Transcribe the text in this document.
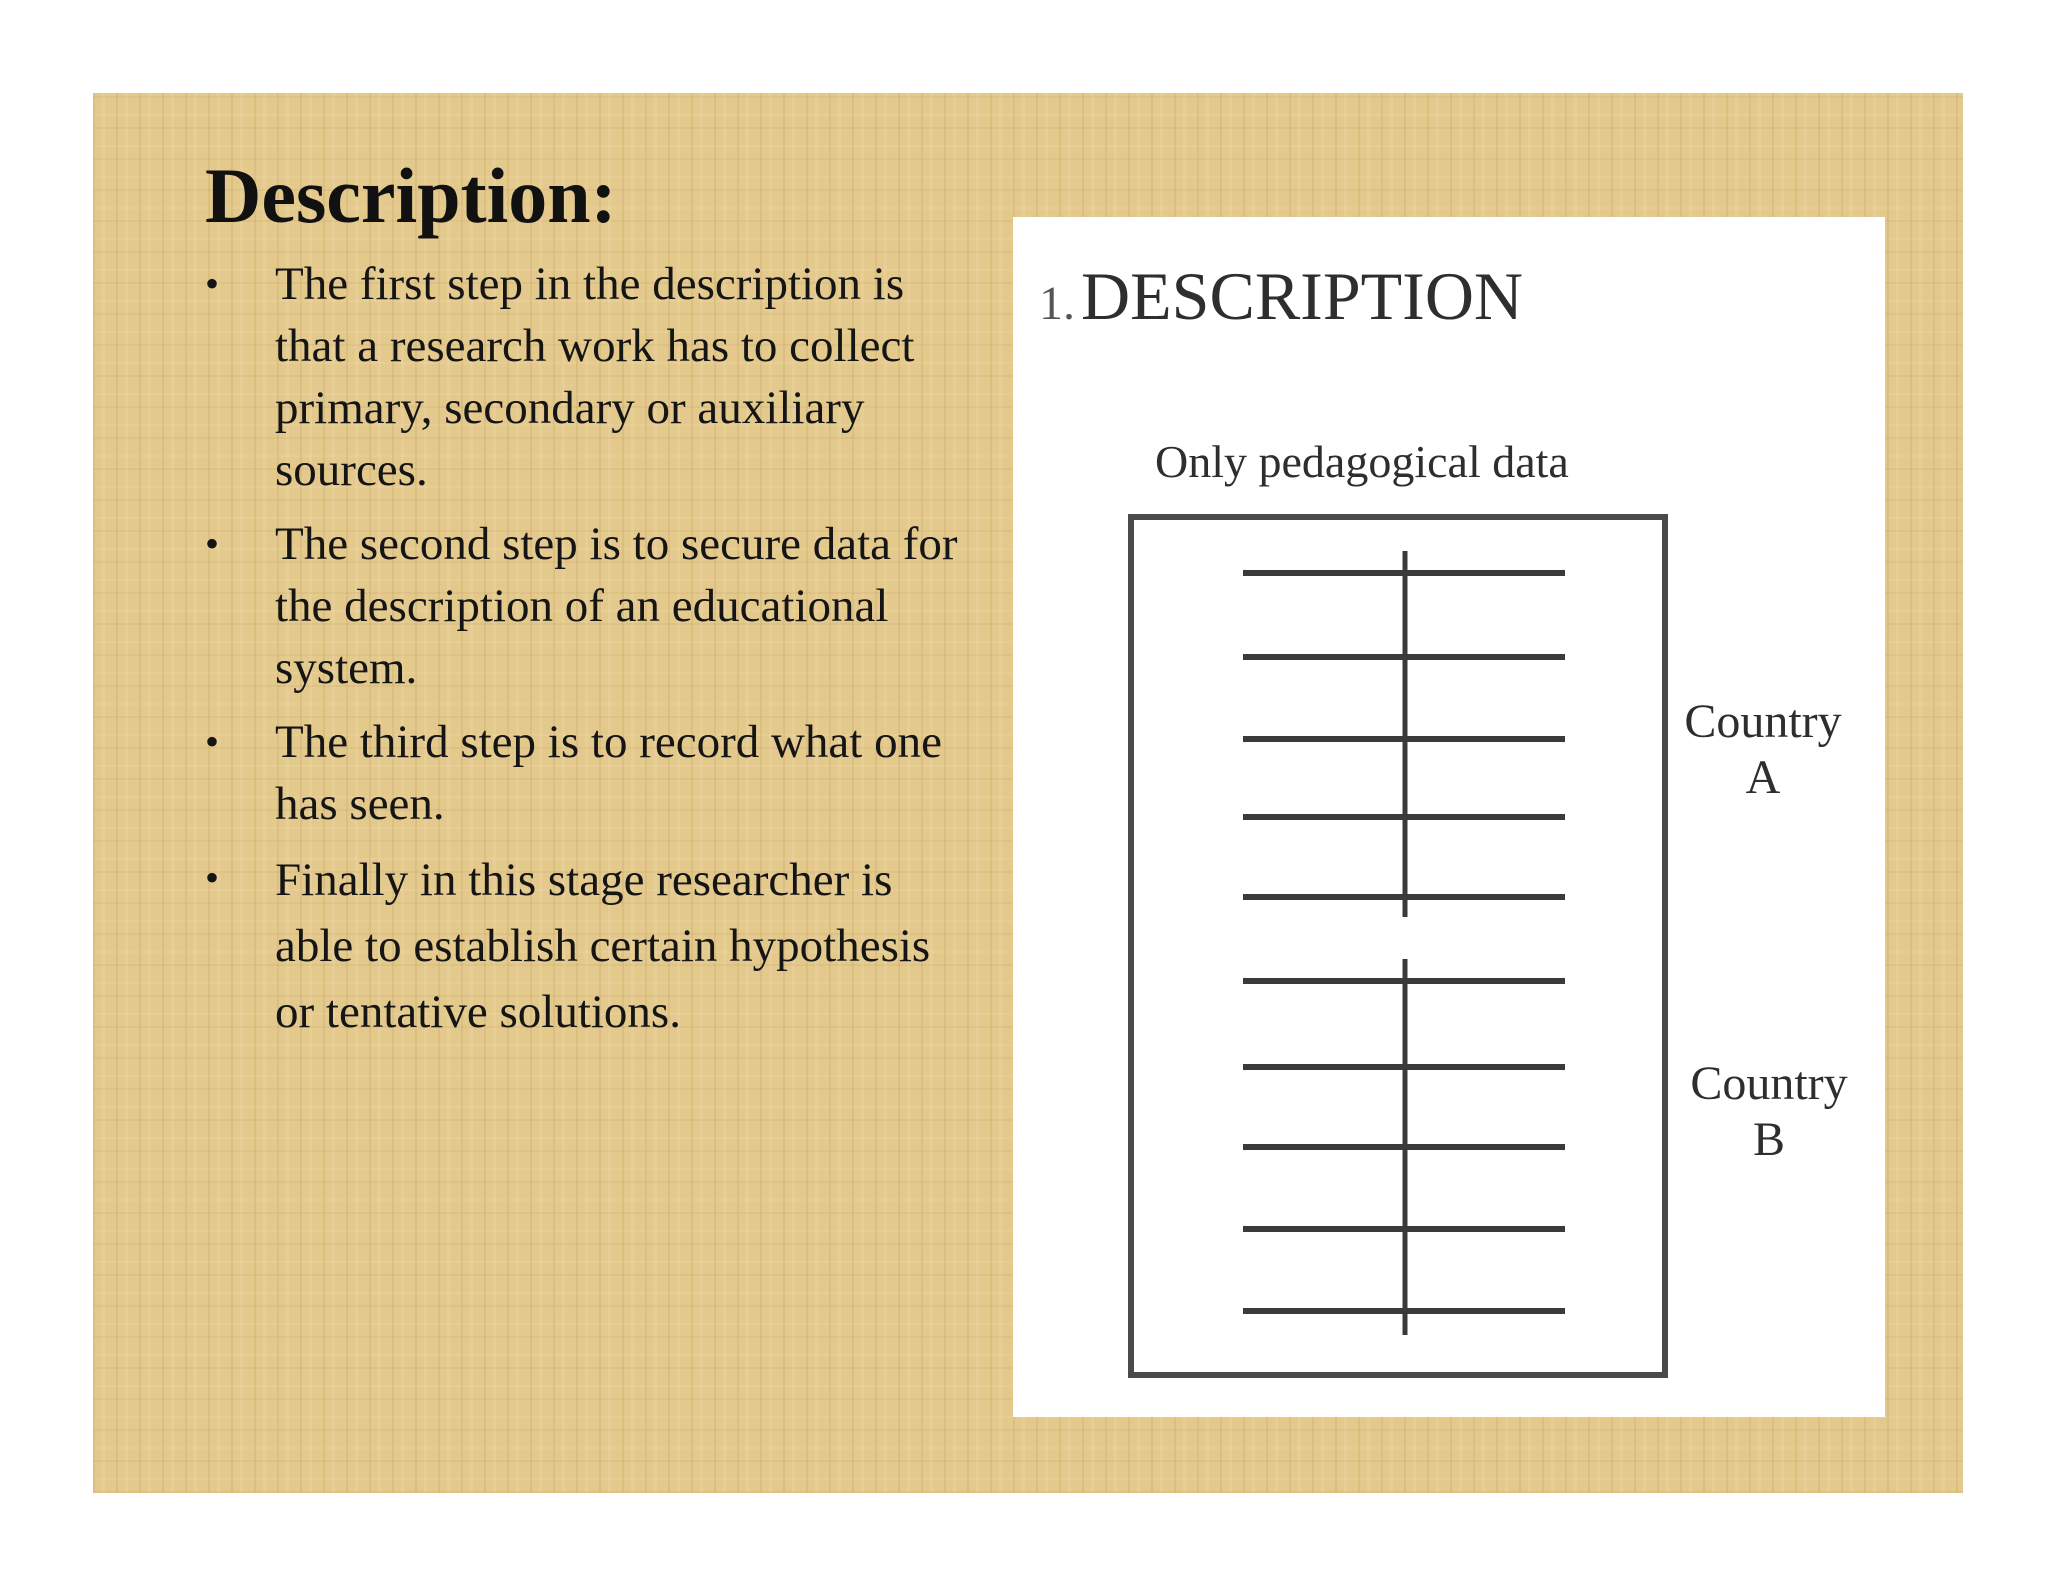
Description:
•	The first step in the description is that a research work has to collect primary, secondary or auxiliary sources.
•	The second step is to secure data for the description of an educational system.
•	The third step is to record what one has seen.
•	Finally in this stage researcher is able to establish certain hypothesis or tentative solutions.
1. DESCRIPTION
Only pedagogical data
Country
A
Country
B
